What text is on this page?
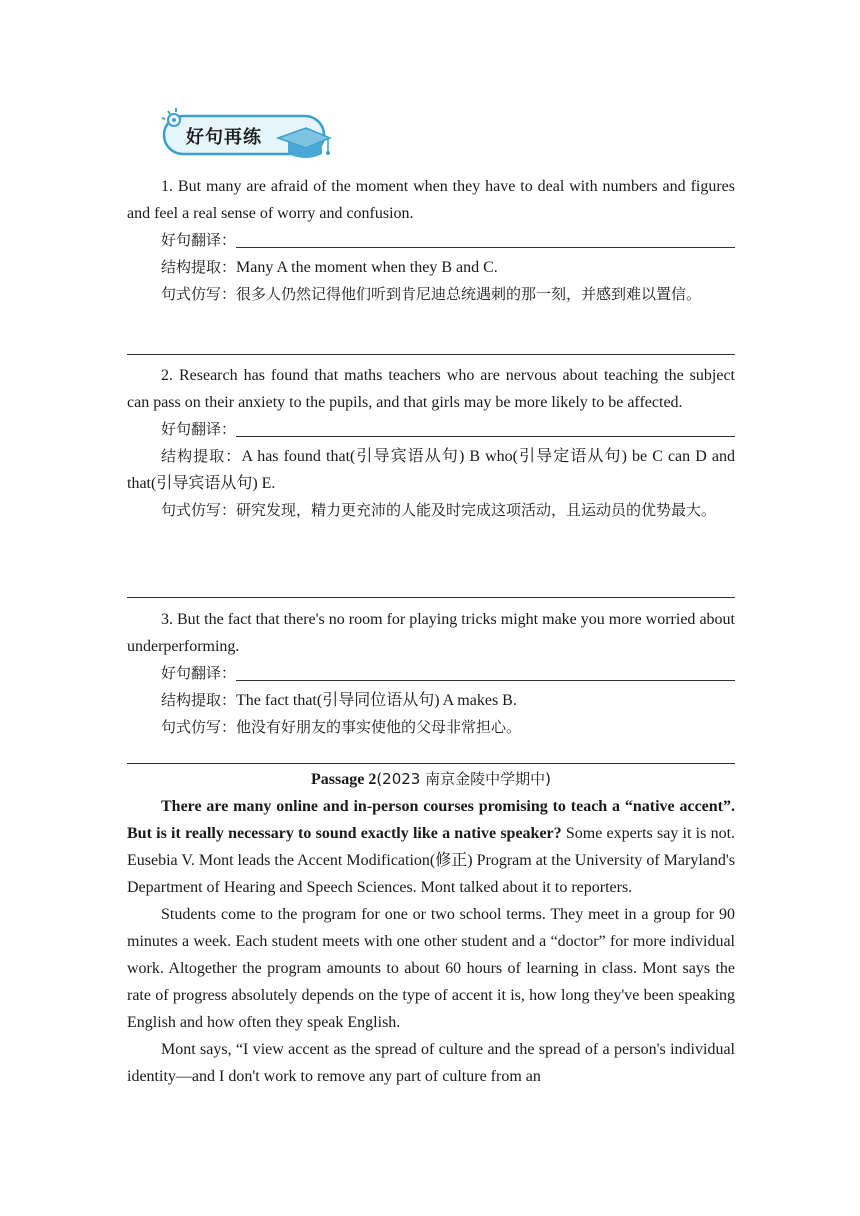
好句再练

1. But many are afraid of the moment when they have to deal with numbers and figures and feel a real sense of worry and confusion.

好句翻译：
结构提取： Many A the moment when they B and C.

句式仿写：很多人仍然记得他们听到肯尼迪总统遇刺的那一刻，并感到难以置信。

2. Research has found that maths teachers who are nervous about teaching the subject can pass on their anxiety to the pupils, and that girls may be more likely to be affected.

好句翻译：

结构提取：A has found that(引导宾语从句) B who(引导定语从句) be C can D and that(引导宾语从句) E.

句式仿写：研究发现，精力更充沛的人能及时完成这项活动，且运动员的优势最大。

3. But the fact that there's no room for playing tricks might make you more worried about underperforming.

好句翻译：
结构提取： The fact that(引导同位语从句) A makes B.
句式仿写： 他没有好朋友的事实使他的父母非常担心。

Passage 2(2023 南京金陵中学期中)

There are many online and in-person courses promising to teach a “native accent”. But is it really necessary to sound exactly like a native speaker? Some experts say it is not. Eusebia V. Mont leads the Accent Modification(修正) Program at the University of Maryland's Department of Hearing and Speech Sciences. Mont talked about it to reporters.

Students come to the program for one or two school terms. They meet in a group for 90 minutes a week. Each student meets with one other student and a “doctor” for more individual work. Altogether the program amounts to about 60 hours of learning in class. Mont says the rate of progress absolutely depends on the type of accent it is, how long they've been speaking English and how often they speak English.

Mont says, “I view accent as the spread of culture and the spread of a person's individual identity—and I don't work to remove any part of culture from an
